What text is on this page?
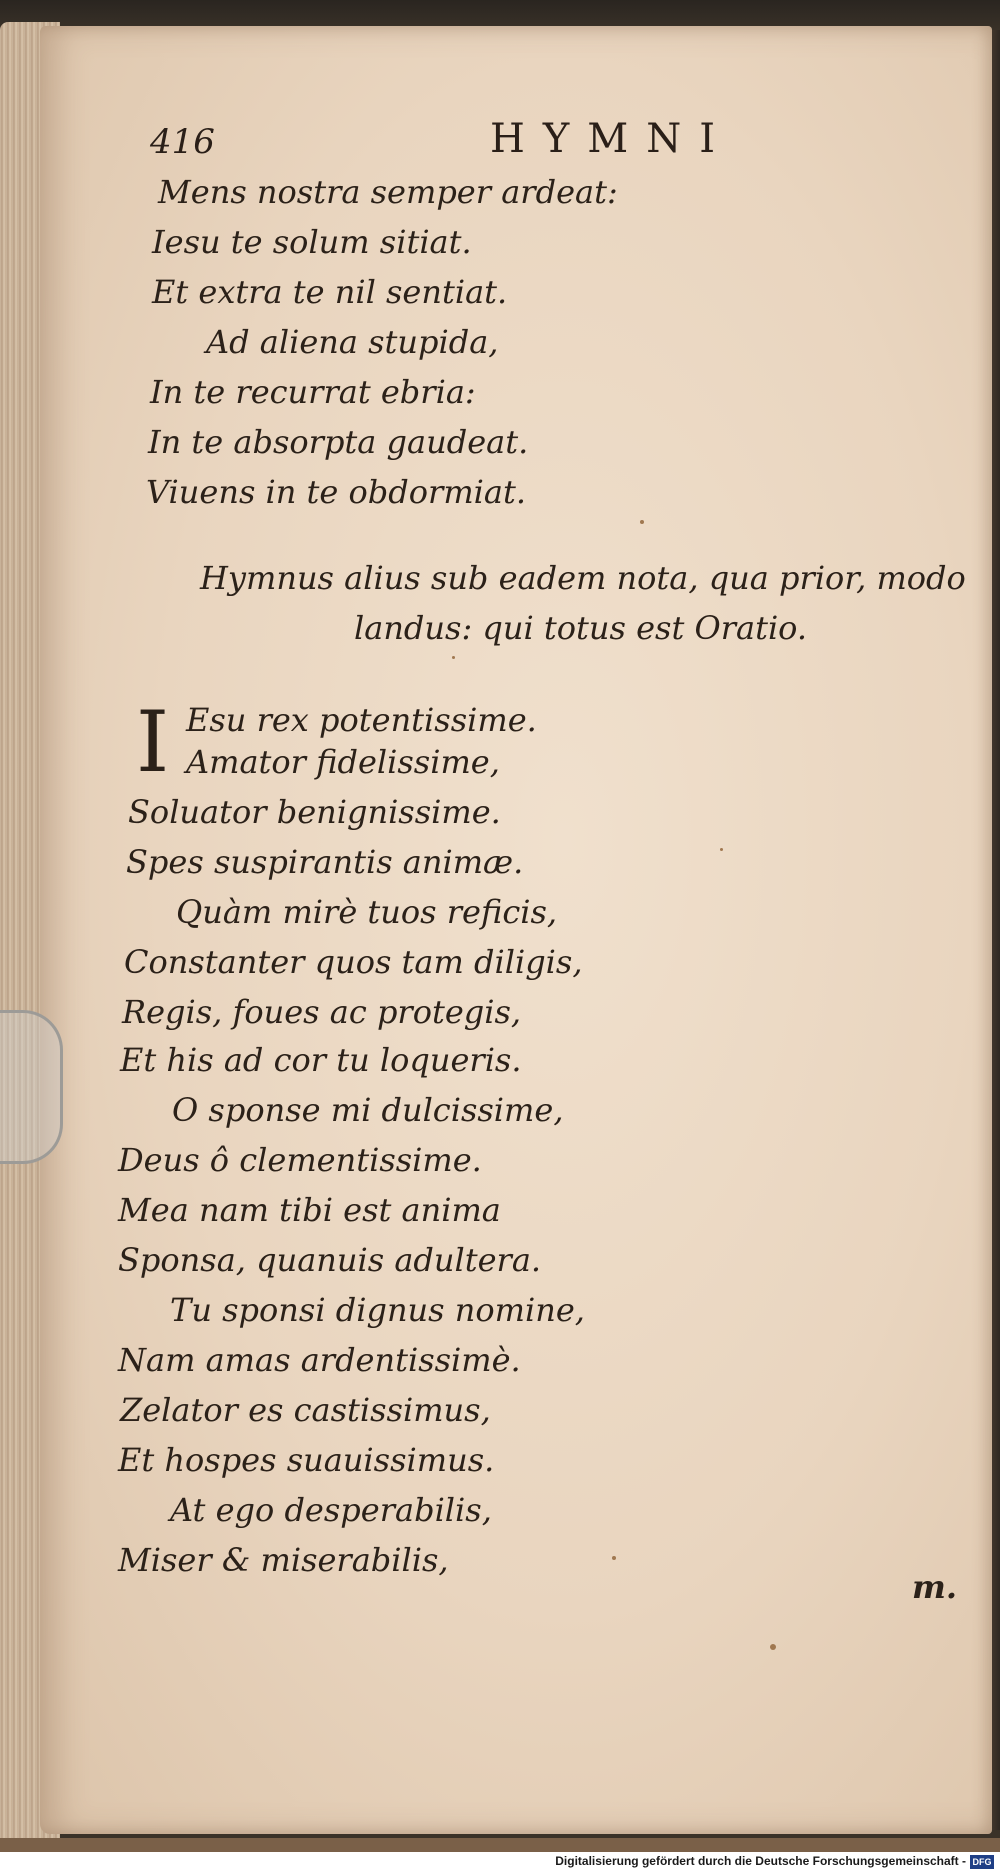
416	HYMNI
Mens nostra semper ardeat:
Iesu te solum sitiat.
Et extra te nil sentiat.
Ad aliena stupida,
In te recurrat ebria:
In te absorpta gaudeat.
Viuens in te obdormiat.
Hymnus alius sub eadem nota, qua prior, modo
landus: qui totus est Oratio.
I Esu rex potentissime.
Amator fidelissime,
Soluator benignissime.
Spes suspirantis animæ.
Quàm mirè tuos reficis,
Constanter quos tam diligis,
Regis, foues ac protegis,
Et his ad cor tu loqueris.
O sponse mi dulcissime,
Deus ô clementissime.
Mea nam tibi est anima
Sponsa, quanuis adultera.
Tu sponsi dignus nomine,
Nam amas ardentissimè.
Zelator es castissimus,
Et hospes suauissimus.
At ego desperabilis,
Miser & miserabilis,
m.
Digitalisierung gefördert durch die Deutsche Forschungsgemeinschaft - DFG
